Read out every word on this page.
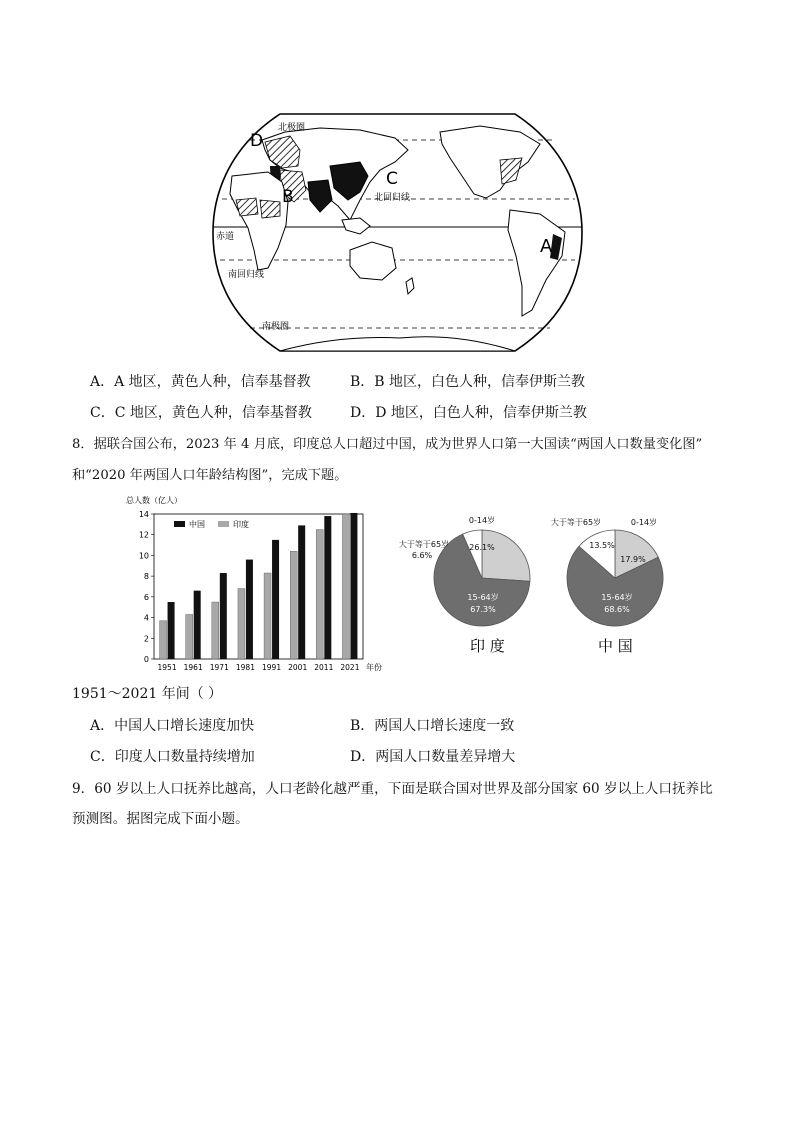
北极圈
北回归线
赤道
南回归线
南极圈
D
B
C
A
A．A 地区，黄色人种，信奉基督教	B．B 地区，白色人种，信奉伊斯兰教
C．C 地区，黄色人种，信奉基督教	D．D 地区，白色人种，信奉伊斯兰教
8．据联合国公布，2023 年 4 月底，印度总人口超过中国，成为世界人口第一大国读“两国人口数量变化图”
和“2020 年两国人口年龄结构图”，完成下题。
总人数（亿人）
0
2
4
6
8
10
12
14
1951 1961 1971 1981 1991 2001 2011 2021
中国	印度
年份
0-14岁
26.1%
15-64岁
67.3%
大于等于65岁
6.6%
印 度
0-14岁
17.9%
15-64岁
68.6%
大于等于65岁
13.5%
中 国
1951～2021 年间（ ）
A．中国人口增长速度加快	B．两国人口增长速度一致
C．印度人口数量持续增加	D．两国人口数量差异增大
9．60 岁以上人口抚养比越高，人口老龄化越严重，下面是联合国对世界及部分国家 60 岁以上人口抚养比
预测图。据图完成下面小题。
